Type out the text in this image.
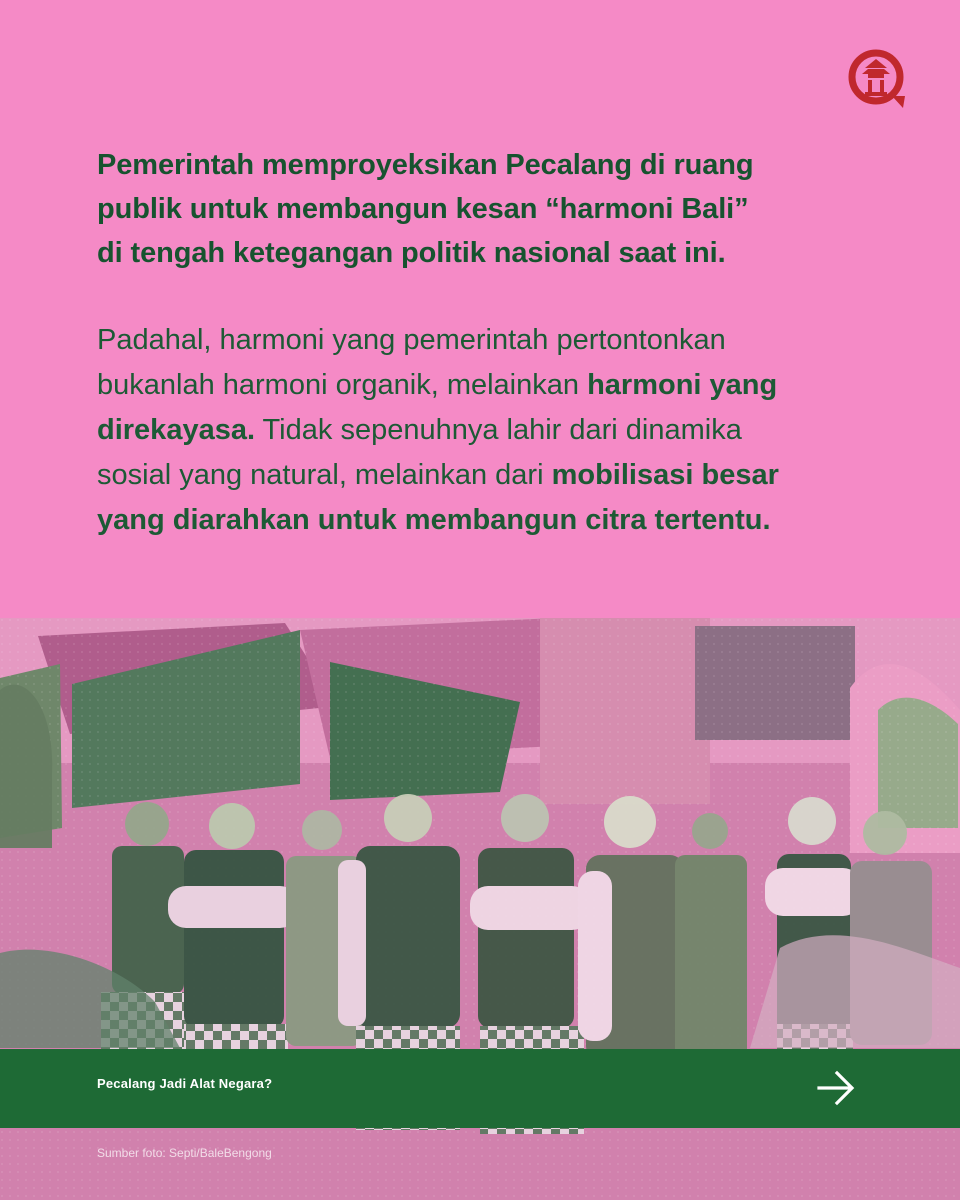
Pemerintah memproyeksikan Pecalang di ruang
publik untuk membangun kesan “harmoni Bali”
di tengah ketegangan politik nasional saat ini.
Padahal, harmoni yang pemerintah pertontonkan
bukanlah harmoni organik, melainkan harmoni yang
direkayasa. Tidak sepenuhnya lahir dari dinamika
sosial yang natural, melainkan dari mobilisasi besar
yang diarahkan untuk membangun citra tertentu.
Pecalang Jadi Alat Negara?
Sumber foto: Septi/BaleBengong
